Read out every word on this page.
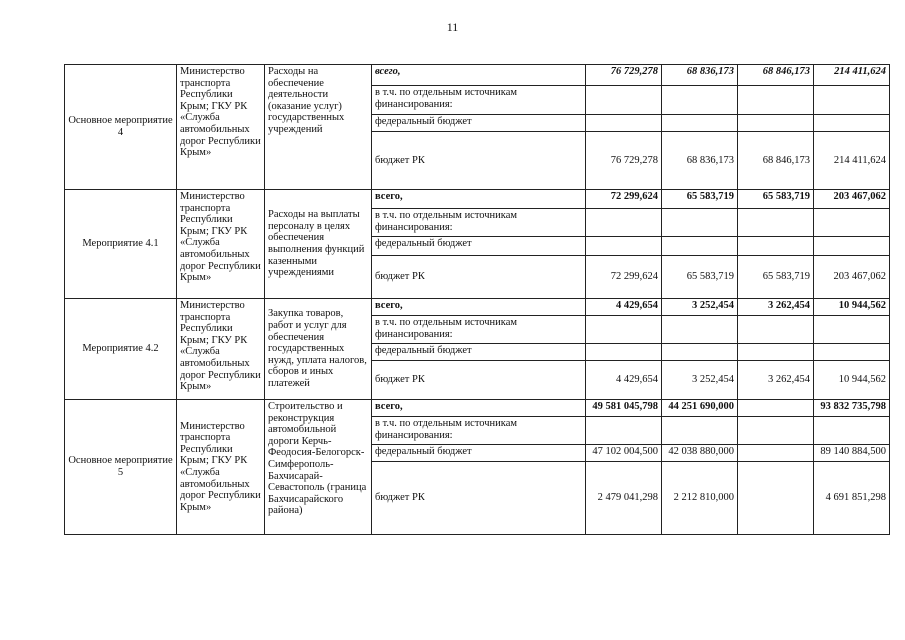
11
Основное мероприятие 4	Министерство транспорта Республики Крым; ГКУ РК «Служба автомобильных дорог Республики Крым»	Расходы на обеспечение деятельности (оказание услуг) государственных учреждений	всего,	76 729,278	68 836,173	68 846,173	214 411,624
			в т.ч. по отдельным источникам финансирования:				
			федеральный бюджет				
			бюджет РК	76 729,278	68 836,173	68 846,173	214 411,624
Мероприятие 4.1	Министерство транспорта Республики Крым; ГКУ РК «Служба автомобильных дорог Республики Крым»	Расходы на выплаты персоналу в целях обеспечения выполнения функций казенными учреждениями	всего,	72 299,624	65 583,719	65 583,719	203 467,062
			в т.ч. по отдельным источникам финансирования:				
			федеральный бюджет				
			бюджет РК	72 299,624	65 583,719	65 583,719	203 467,062
Мероприятие 4.2	Министерство транспорта Республики Крым; ГКУ РК «Служба автомобильных дорог Республики Крым»	Закупка товаров, работ и услуг для обеспечения государственных нужд, уплата налогов, сборов и иных платежей	всего,	4 429,654	3 252,454	3 262,454	10 944,562
			в т.ч. по отдельным источникам финансирования:				
			федеральный бюджет				
			бюджет РК	4 429,654	3 252,454	3 262,454	10 944,562
Основное мероприятие 5	Министерство транспорта Республики Крым; ГКУ РК «Служба автомобильных дорог Республики Крым»	Строительство и реконструкция автомобильной дороги Керчь-Феодосия-Белогорск-Симферополь-Бахчисарай-Севастополь (граница Бахчисарайского района)	всего,	49 581 045,798	44 251 690,000		93 832 735,798
			в т.ч. по отдельным источникам финансирования:				
			федеральный бюджет	47 102 004,500	42 038 880,000		89 140 884,500
			бюджет РК	2 479 041,298	2 212 810,000		4 691 851,298
